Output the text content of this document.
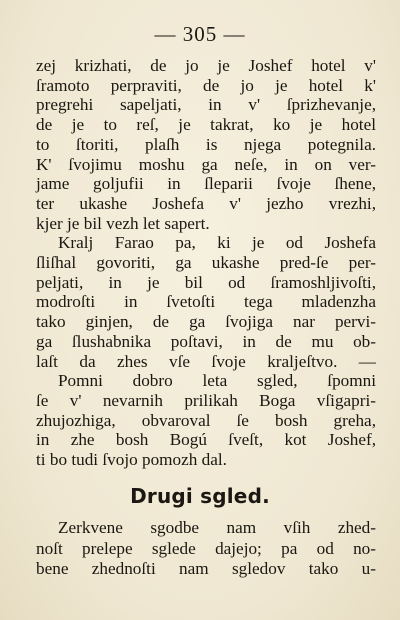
— 305 —
zej krizhati, de jo je Joshef hotel v'
ſramoto perpraviti, de jo je hotel k'
pregrehi sapeljati, in v' ſprizhevanje,
de je to reſ, je takrat, ko je hotel
to ſtoriti, plaſh is njega potegnila.
K' ſvojimu moshu ga neſe, in on ver-
jame goljufii in ſleparii ſvoje ſhene,
ter ukashe Joshefa v' jezho vrezhi,
kjer je bil vezh let sapert.
Kralj Farao pa, ki je od Joshefa
ſliſhal govoriti, ga ukashe pred-ſe per-
peljati, in je bil od ſramoshljivoſti,
modroſti in ſvetoſti tega mladenzha
tako ginjen, de ga ſvojiga nar pervi-
ga ſlushabnika poſtavi, in de mu ob-
laſt da zhes vſe ſvoje kraljeſtvo. —
Pomni dobro leta sgled, ſpomni
ſe v' nevarnih prilikah Boga vſigapri-
zhujozhiga, obvaroval ſe bosh greha,
in zhe bosh Bogú ſveſt, kot Joshef,
ti bo tudi ſvojo pomozh dal.
Drugi sgled.
Zerkvene sgodbe nam vſih zhed-
noſt prelepe sglede dajejo; pa od no-
bene zhednoſti nam sgledov tako u-
